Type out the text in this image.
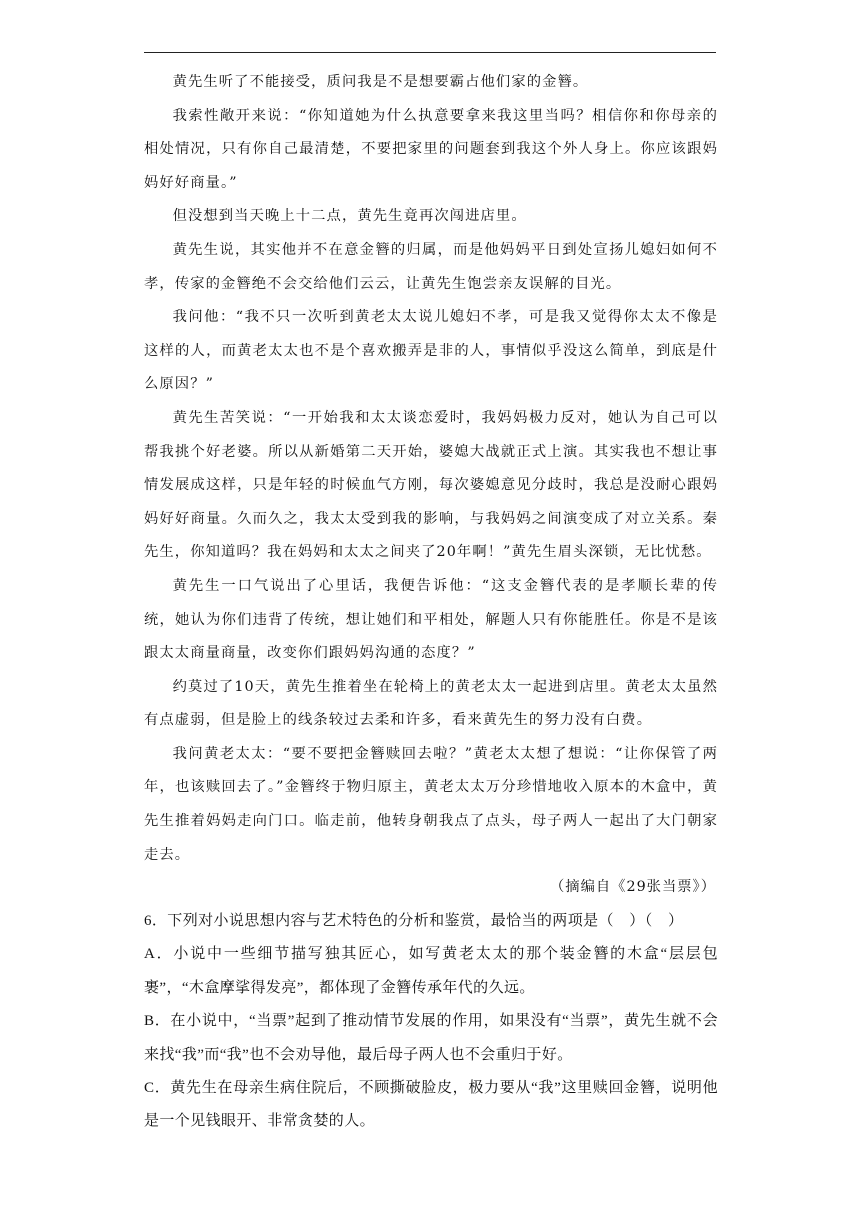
黄先生听了不能接受，质问我是不是想要霸占他们家的金簪。

我索性敞开来说：“你知道她为什么执意要拿来我这里当吗？相信你和你母亲的相处情况，只有你自己最清楚，不要把家里的问题套到我这个外人身上。你应该跟妈妈好好商量。”

但没想到当天晚上十二点，黄先生竟再次闯进店里。

黄先生说，其实他并不在意金簪的归属，而是他妈妈平日到处宣扬儿媳妇如何不孝，传家的金簪绝不会交给他们云云，让黄先生饱尝亲友误解的目光。

我问他：“我不只一次听到黄老太太说儿媳妇不孝，可是我又觉得你太太不像是这样的人，而黄老太太也不是个喜欢搬弄是非的人，事情似乎没这么简单，到底是什么原因？”

黄先生苦笑说：“一开始我和太太谈恋爱时，我妈妈极力反对，她认为自己可以帮我挑个好老婆。所以从新婚第二天开始，婆媳大战就正式上演。其实我也不想让事情发展成这样，只是年轻的时候血气方刚，每次婆媳意见分歧时，我总是没耐心跟妈妈好好商量。久而久之，我太太受到我的影响，与我妈妈之间演变成了对立关系。秦先生，你知道吗？我在妈妈和太太之间夹了20年啊！”黄先生眉头深锁，无比忧愁。

黄先生一口气说出了心里话，我便告诉他：“这支金簪代表的是孝顺长辈的传统，她认为你们违背了传统，想让她们和平相处，解题人只有你能胜任。你是不是该跟太太商量商量，改变你们跟妈妈沟通的态度？”

约莫过了10天，黄先生推着坐在轮椅上的黄老太太一起进到店里。黄老太太虽然有点虚弱，但是脸上的线条较过去柔和许多，看来黄先生的努力没有白费。

我问黄老太太：“要不要把金簪赎回去啦？”黄老太太想了想说：“让你保管了两年，也该赎回去了。”金簪终于物归原主，黄老太太万分珍惜地收入原本的木盒中，黄先生推着妈妈走向门口。临走前，他转身朝我点了点头，母子两人一起出了大门朝家走去。

（摘编自《29张当票》）

6．下列对小说思想内容与艺术特色的分析和鉴赏，最恰当的两项是（　）（　）

A．小说中一些细节描写独其匠心，如写黄老太太的那个装金簪的木盒“层层包裹”，“木盒摩挲得发亮”，都体现了金簪传承年代的久远。

B．在小说中，“当票”起到了推动情节发展的作用，如果没有“当票”，黄先生就不会来找“我”而“我”也不会劝导他，最后母子两人也不会重归于好。

C．黄先生在母亲生病住院后，不顾撕破脸皮，极力要从“我”这里赎回金簪，说明他是一个见钱眼开、非常贪婪的人。
